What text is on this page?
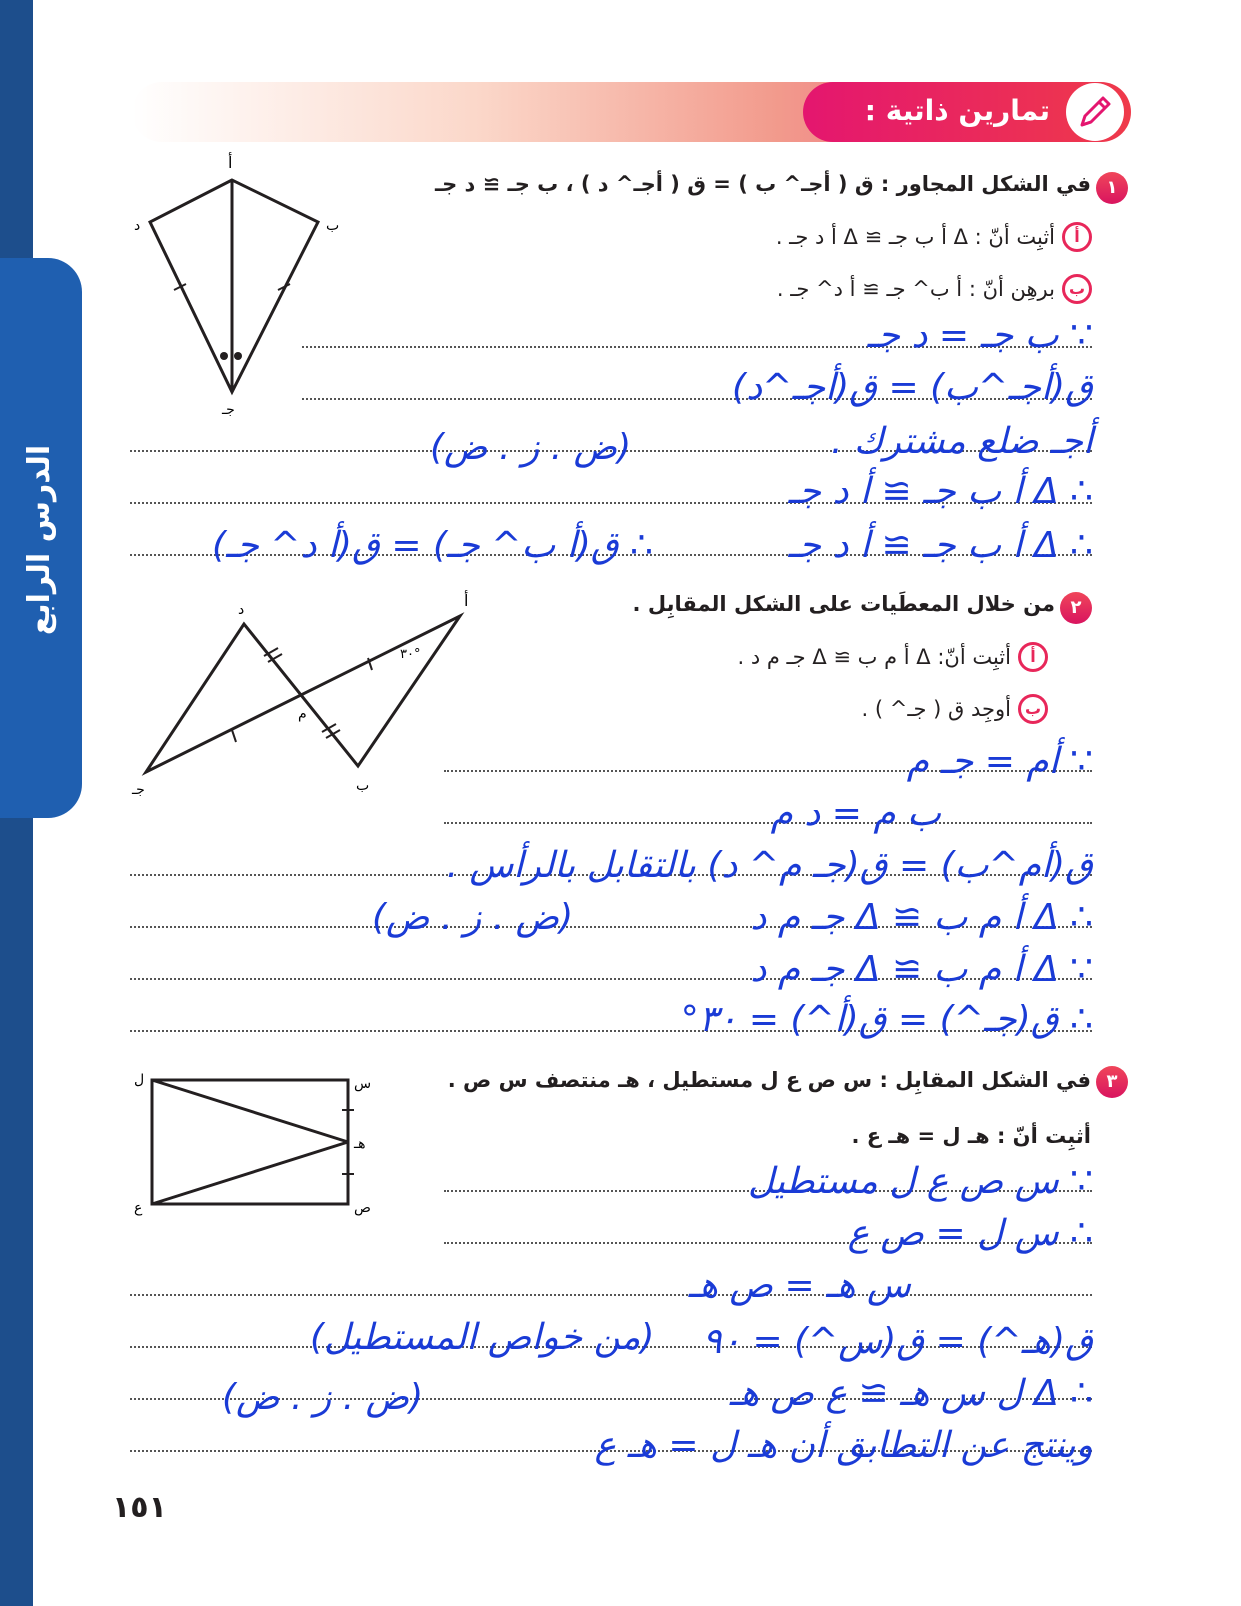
الدرس الرابع
تمارين ذاتية :
١
في الشكل المجاور : ق ( أجـ^ ب ) = ق ( أجـ^ د ) ، ب جـ ≅ د جـ
أ
أثبِت أنّ : Δ أ ب جـ ≅ Δ أ د جـ .
ب
برهِن أنّ : أ ب^ جـ ≅ أ د^ جـ .
أ
د	ب
جـ
∵ ب جـ = د جـ
ق(أجـ^ب) = ق(أجـ^د)
أجـ ضلع مشترك .
(ض . ز . ض)
∴ Δ أ ب جـ ≅ أ د جـ
∴ Δ أ ب جـ ≅ أ د جـ
∴ ق(أ ب^ جـ) = ق(أ د^ جـ)
٢
من خلال المعطَيات على الشكل المقابِل .
أ
أثبِت أنّ: Δ أ م ب ≅ Δ جـ م د .
ب
أوجِد ق ( جـ^ ) .
أ
د
جـ	ب
م
٣٠°
∵ أم = جـ م
ب م = د م
ق(أم^ب) = ق(جـ م^ د) بالتقابل بالرأس .
(ض . ز . ض)	∴ Δ أ م ب ≅ Δ جـ م د
∵ Δ أ م ب ≅ Δ جـ م د
∴ ق(جـ^) = ق(أ^) = ٣٠°
٣
في الشكل المقابِل : س ص ع ل مستطيل ، هـ منتصف س ص .
أثبِت أنّ : هـ ل = هـ ع .
ل	س
هـ
ع	ص
∵ س ص ع ل مستطيل
∴ س ل = ص ع
س هـ = ص هـ
ق(هـ^) = ق(س^) = ٩٠
(من خواص المستطيل)
∴ Δ ل س هـ ≅ ع ص هـ
(ض . ز . ض)
وينتج عن التطابق أن هـ ل = هـ ع
١٥١
